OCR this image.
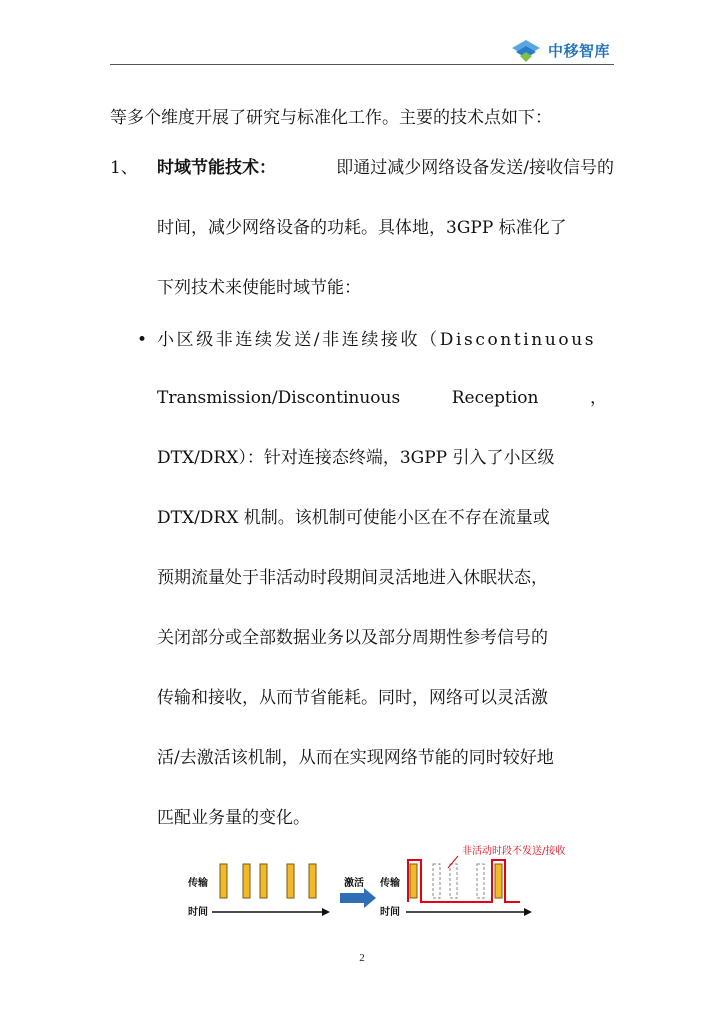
中移智库
等多个维度开展了研究与标准化工作。主要的技术点如下：
1、 时域节能技术：	即通过减少网络设备发送/接收信号的
时间，减少网络设备的功耗。具体地，3GPP 标准化了
下列技术来使能时域节能：
• 小区级非连续发送/非连续接收（Discontinuous
Transmission/Discontinuous	Reception	，
DTX/DRX）：针对连接态终端，3GPP 引入了小区级
DTX/DRX 机制。该机制可使能小区在不存在流量或
预期流量处于非活动时段期间灵活地进入休眠状态，
关闭部分或全部数据业务以及部分周期性参考信号的
传输和接收，从而节省能耗。同时，网络可以灵活激
活/去激活该机制，从而在实现网络节能的同时较好地
匹配业务量的变化。
传输
时间
激活 传输
时间
非活动时段不发送/接收
2
